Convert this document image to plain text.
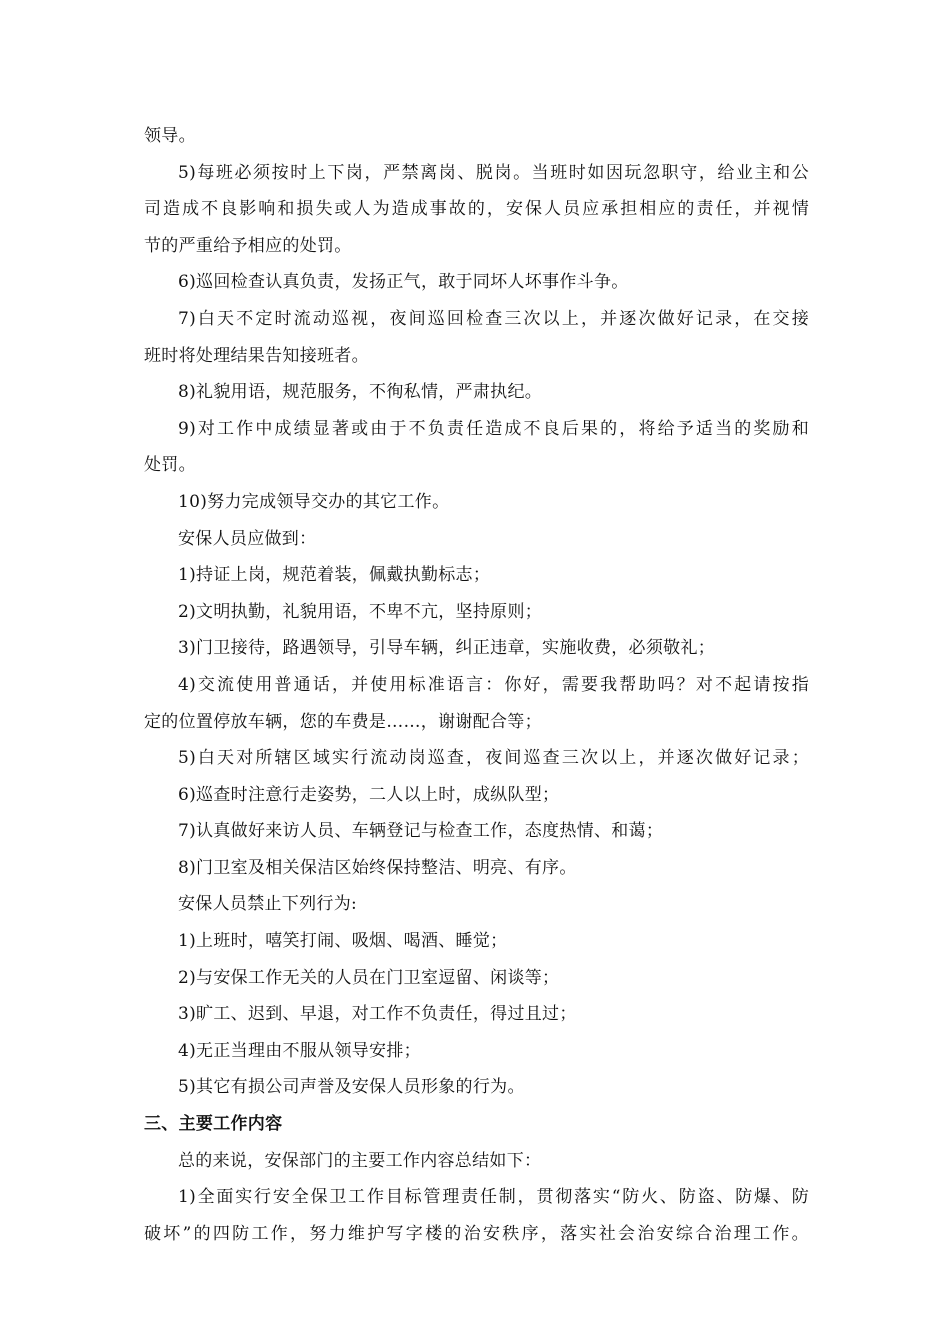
领导。
5)每班必须按时上下岗，严禁离岗、脱岗。当班时如因玩忽职守，给业主和公
司造成不良影响和损失或人为造成事故的，安保人员应承担相应的责任，并视情
节的严重给予相应的处罚。
6)巡回检查认真负责，发扬正气，敢于同坏人坏事作斗争。
7)白天不定时流动巡视，夜间巡回检查三次以上，并逐次做好记录，在交接
班时将处理结果告知接班者。
8)礼貌用语，规范服务，不徇私情，严肃执纪。
9)对工作中成绩显著或由于不负责任造成不良后果的，将给予适当的奖励和
处罚。
10)努力完成领导交办的其它工作。
安保人员应做到：
1)持证上岗，规范着装，佩戴执勤标志；
2)文明执勤，礼貌用语，不卑不亢，坚持原则；
3)门卫接待，路遇领导，引导车辆，纠正违章，实施收费，必须敬礼；
4)交流使用普通话，并使用标准语言：你好，需要我帮助吗？对不起请按指
定的位置停放车辆，您的车费是……，谢谢配合等；
5)白天对所辖区域实行流动岗巡查，夜间巡查三次以上，并逐次做好记录；
6)巡查时注意行走姿势，二人以上时，成纵队型；
7)认真做好来访人员、车辆登记与检查工作，态度热情、和蔼；
8)门卫室及相关保洁区始终保持整洁、明亮、有序。
安保人员禁止下列行为:
1)上班时，嘻笑打闹、吸烟、喝酒、睡觉；
2)与安保工作无关的人员在门卫室逗留、闲谈等；
3)旷工、迟到、早退，对工作不负责任，得过且过；
4)无正当理由不服从领导安排；
5)其它有损公司声誉及安保人员形象的行为。
三、主要工作内容
总的来说，安保部门的主要工作内容总结如下：
1)全面实行安全保卫工作目标管理责任制，贯彻落实“防火、防盗、防爆、防
破坏”的四防工作，努力维护写字楼的治安秩序，落实社会治安综合治理工作。
